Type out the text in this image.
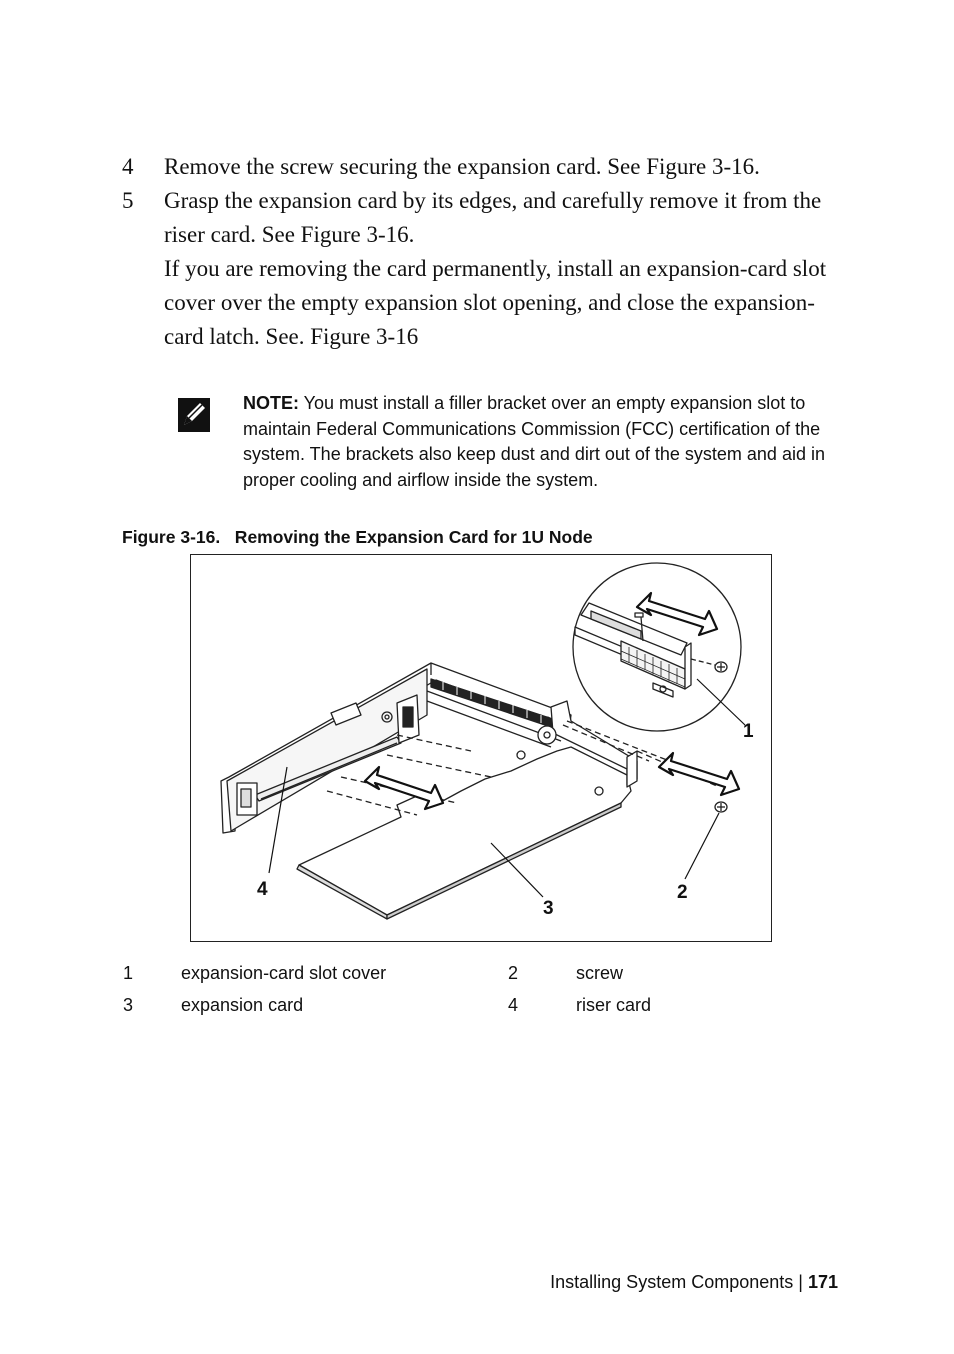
4 Remove the screw securing the expansion card. See Figure 3-16.
5 Grasp the expansion card by its edges, and carefully remove it from the riser card. See Figure 3-16.
If you are removing the card permanently, install an expansion-card slot cover over the empty expansion slot opening, and close the expansion-card latch. See. Figure 3-16
NOTE: You must install a filler bracket over an empty expansion slot to maintain Federal Communications Commission (FCC) certification of the system. The brackets also keep dust and dirt out of the system and aid in proper cooling and airflow inside the system.
Figure 3-16.   Removing the Expansion Card for 1U Node
1
2
3
4
1	expansion-card slot cover	2	screw
3	expansion card	4	riser card
Installing System Components | 171
